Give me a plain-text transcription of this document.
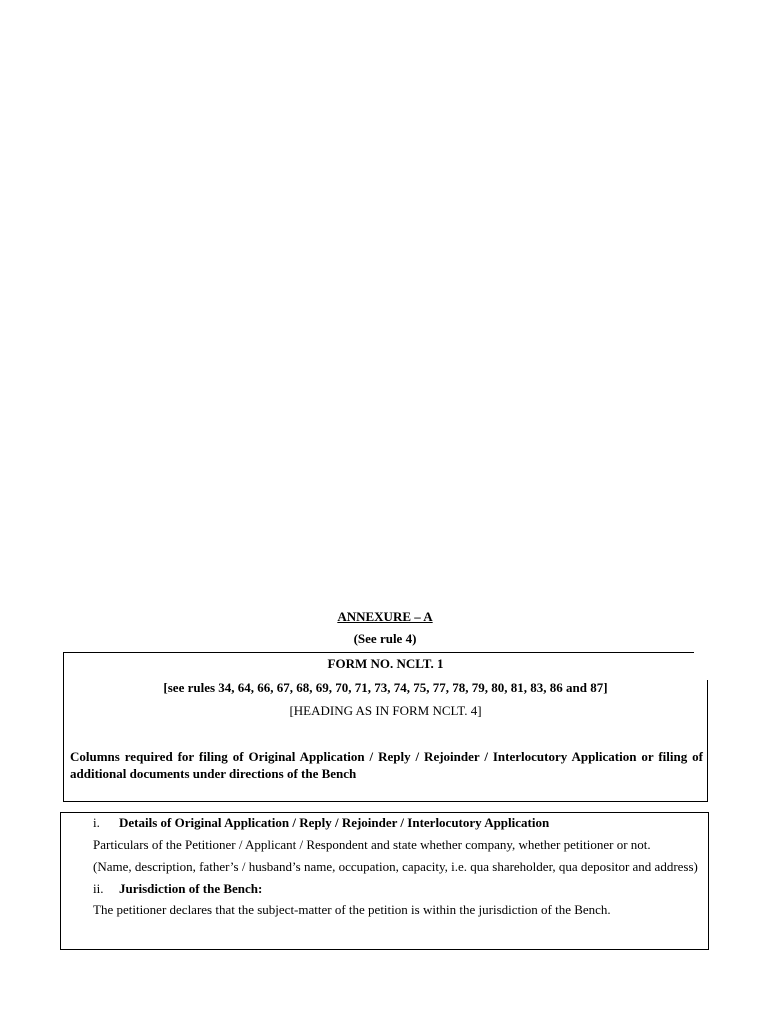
ANNEXURE – A
(See rule 4)
FORM NO. NCLT. 1
[see rules 34, 64, 66, 67, 68, 69, 70, 71, 73, 74, 75, 77, 78, 79, 80, 81, 83, 86 and 87]
[HEADING AS IN FORM NCLT. 4]
Columns required for filing of Original Application / Reply / Rejoinder / Interlocutory Application or filing of additional documents under directions of the Bench

i. Details of Original Application / Reply / Rejoinder / Interlocutory Application

Particulars of the Petitioner / Applicant / Respondent and state whether company, whether petitioner or not.

(Name, description, father’s / husband’s name, occupation, capacity, i.e. qua shareholder, qua depositor and address)

ii. Jurisdiction of the Bench:

The petitioner declares that the subject-matter of the petition is within the jurisdiction of the Bench.
